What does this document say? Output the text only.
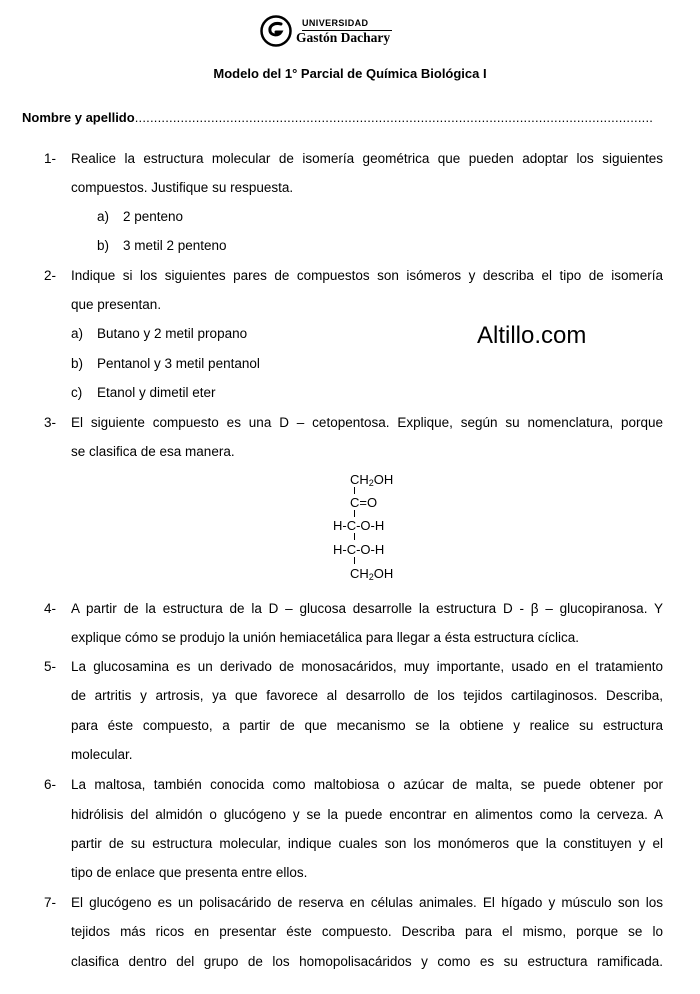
UNIVERSIDAD
Gastón Dachary
Modelo del 1° Parcial de Química Biológica I
Nombre y apellido........................................................................................................................................
Altillo.com
1- Realice la estructura molecular de isomería geométrica que pueden adoptar los siguientes
compuestos. Justifique su respuesta.
a) 2 penteno
b) 3 metil 2 penteno
2- Indique si los siguientes pares de compuestos son isómeros y describa el tipo de isomería
que presentan.
a) Butano y 2 metil propano
b) Pentanol y 3 metil pentanol
c) Etanol y dimetil eter
3- El siguiente compuesto es una D – cetopentosa. Explique, según su nomenclatura, porque
se clasifica de esa manera.
$CH_2OH$
C=O
H-C-O-H
H-C-O-H
$CH_2OH$
4- A partir de la estructura de la D – glucosa desarrolle la estructura D - β – glucopiranosa. Y
explique cómo se produjo la unión hemiacetálica para llegar a ésta estructura cíclica.
5- La glucosamina es un derivado de monosacáridos, muy importante, usado en el tratamiento
de artritis y artrosis, ya que favorece al desarrollo de los tejidos cartilaginosos. Describa,
para éste compuesto, a partir de que mecanismo se la obtiene y realice su estructura
molecular.
6- La maltosa, también conocida como maltobiosa o azúcar de malta, se puede obtener por
hidrólisis del almidón o glucógeno y se la puede encontrar en alimentos como la cerveza. A
partir de su estructura molecular, indique cuales son los monómeros que la constituyen y el
tipo de enlace que presenta entre ellos.
7- El glucógeno es un polisacárido de reserva en células animales. El hígado y músculo son los
tejidos más ricos en presentar éste compuesto. Describa para el mismo, porque se lo
clasifica dentro del grupo de los homopolisacáridos y como es su estructura ramificada.
